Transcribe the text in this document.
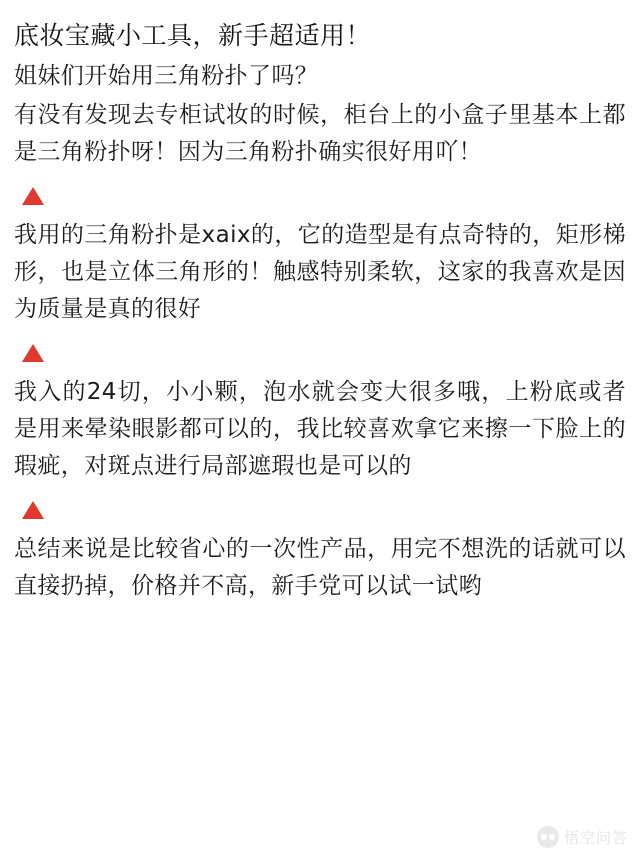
底妆宝藏小工具，新手超适用！

姐妹们开始用三角粉扑了吗？

有没有发现去专柜试妆的时候，柜台上的小盒子里基本上都是三角粉扑呀！因为三角粉扑确实很好用吖！

我用的三角粉扑是xaix的，它的造型是有点奇特的，矩形梯形，也是立体三角形的！触感特别柔软，这家的我喜欢是因为质量是真的很好

我入的24切，小小颗，泡水就会变大很多哦，上粉底或者是用来晕染眼影都可以的，我比较喜欢拿它来擦一下脸上的瑕疵，对斑点进行局部遮瑕也是可以的

总结来说是比较省心的一次性产品，用完不想洗的话就可以直接扔掉，价格并不高，新手党可以试一试哟

悟空问答
